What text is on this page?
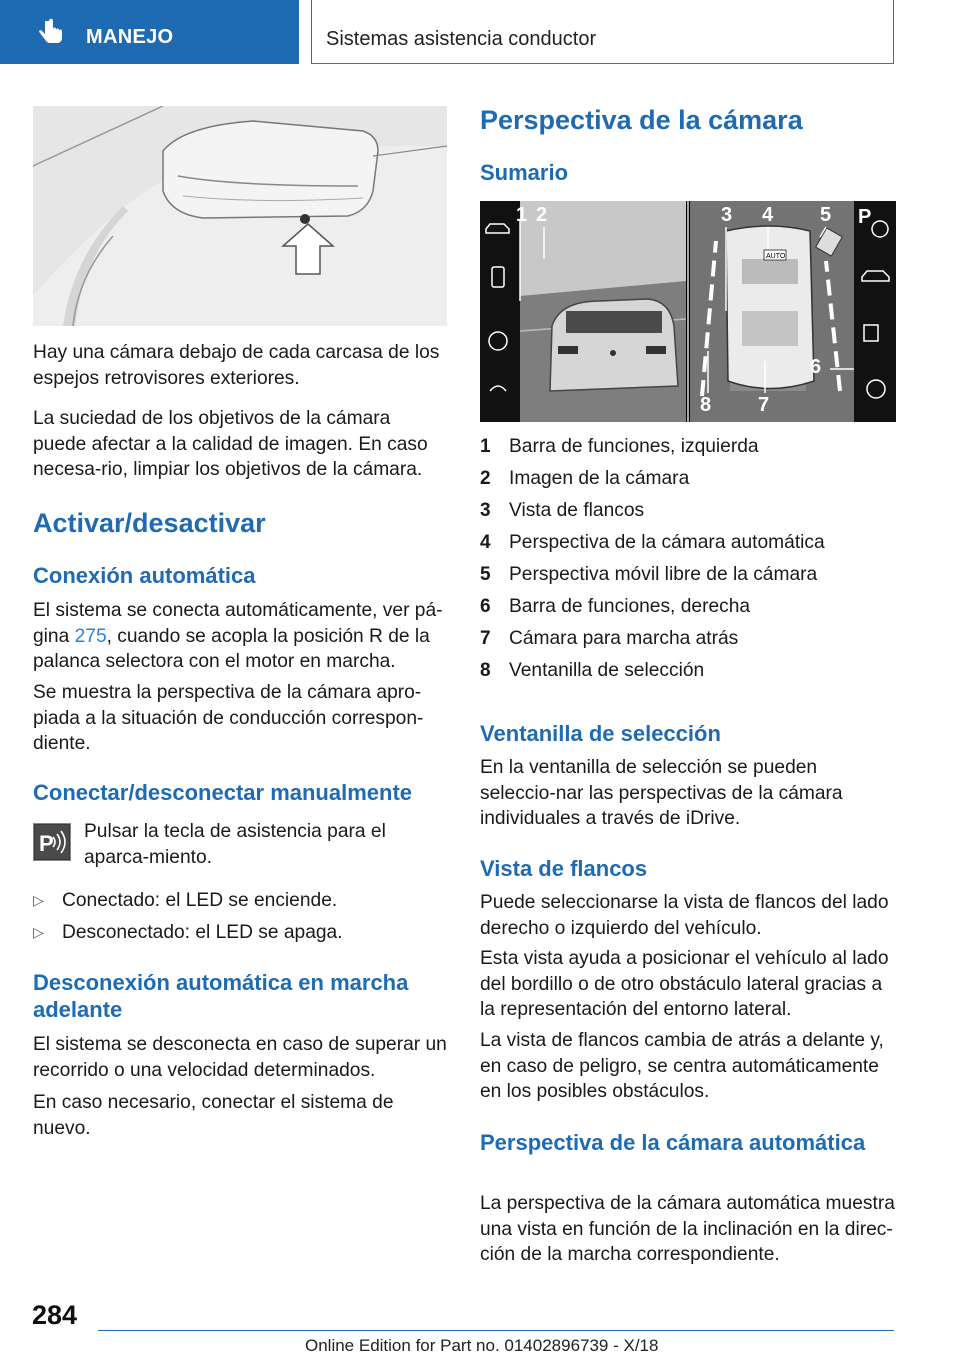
MANEJO	Sistemas asistencia conductor

Hay una cámara debajo de cada carcasa de los espejos retrovisores exteriores.

La suciedad de los objetivos de la cámara puede afectar a la calidad de imagen. En caso necesa-rio, limpiar los objetivos de la cámara.

Activar/desactivar
Conexión automática

El sistema se conecta automáticamente, ver pá-gina 275, cuando se acopla la posición R de la palanca selectora con el motor en marcha.

Se muestra la perspectiva de la cámara apro-piada a la situación de conducción correspon-diente.

Conectar/desconectar manualmente
P Pulsar la tecla de asistencia para el aparca-miento.

▷ Conectado: el LED se enciende.

▷ Desconectado: el LED se apaga.

Desconexión automática en marcha adelante

El sistema se desconecta en caso de superar un recorrido o una velocidad determinados.

En caso necesario, conectar el sistema de nuevo.

Perspectiva de la cámara
Sumario
AUTO
P
1 2	3 4 5
6
7
8
1 Barra de funciones, izquierda
2 Imagen de la cámara
3 Vista de flancos
4 Perspectiva de la cámara automática
5 Perspectiva móvil libre de la cámara
6 Barra de funciones, derecha
7 Cámara para marcha atrás
8 Ventanilla de selección
Ventanilla de selección

En la ventanilla de selección se pueden seleccio-nar las perspectivas de la cámara individuales a través de iDrive.

Vista de flancos

Puede seleccionarse la vista de flancos del lado derecho o izquierdo del vehículo.

Esta vista ayuda a posicionar el vehículo al lado del bordillo o de otro obstáculo lateral gracias a la representación del entorno lateral.

La vista de flancos cambia de atrás a delante y, en caso de peligro, se centra automáticamente en los posibles obstáculos.

Perspectiva de la cámara automática

La perspectiva de la cámara automática muestra una vista en función de la inclinación en la direc-ción de la marcha correspondiente.

284
Online Edition for Part no. 01402896739 - X/18
